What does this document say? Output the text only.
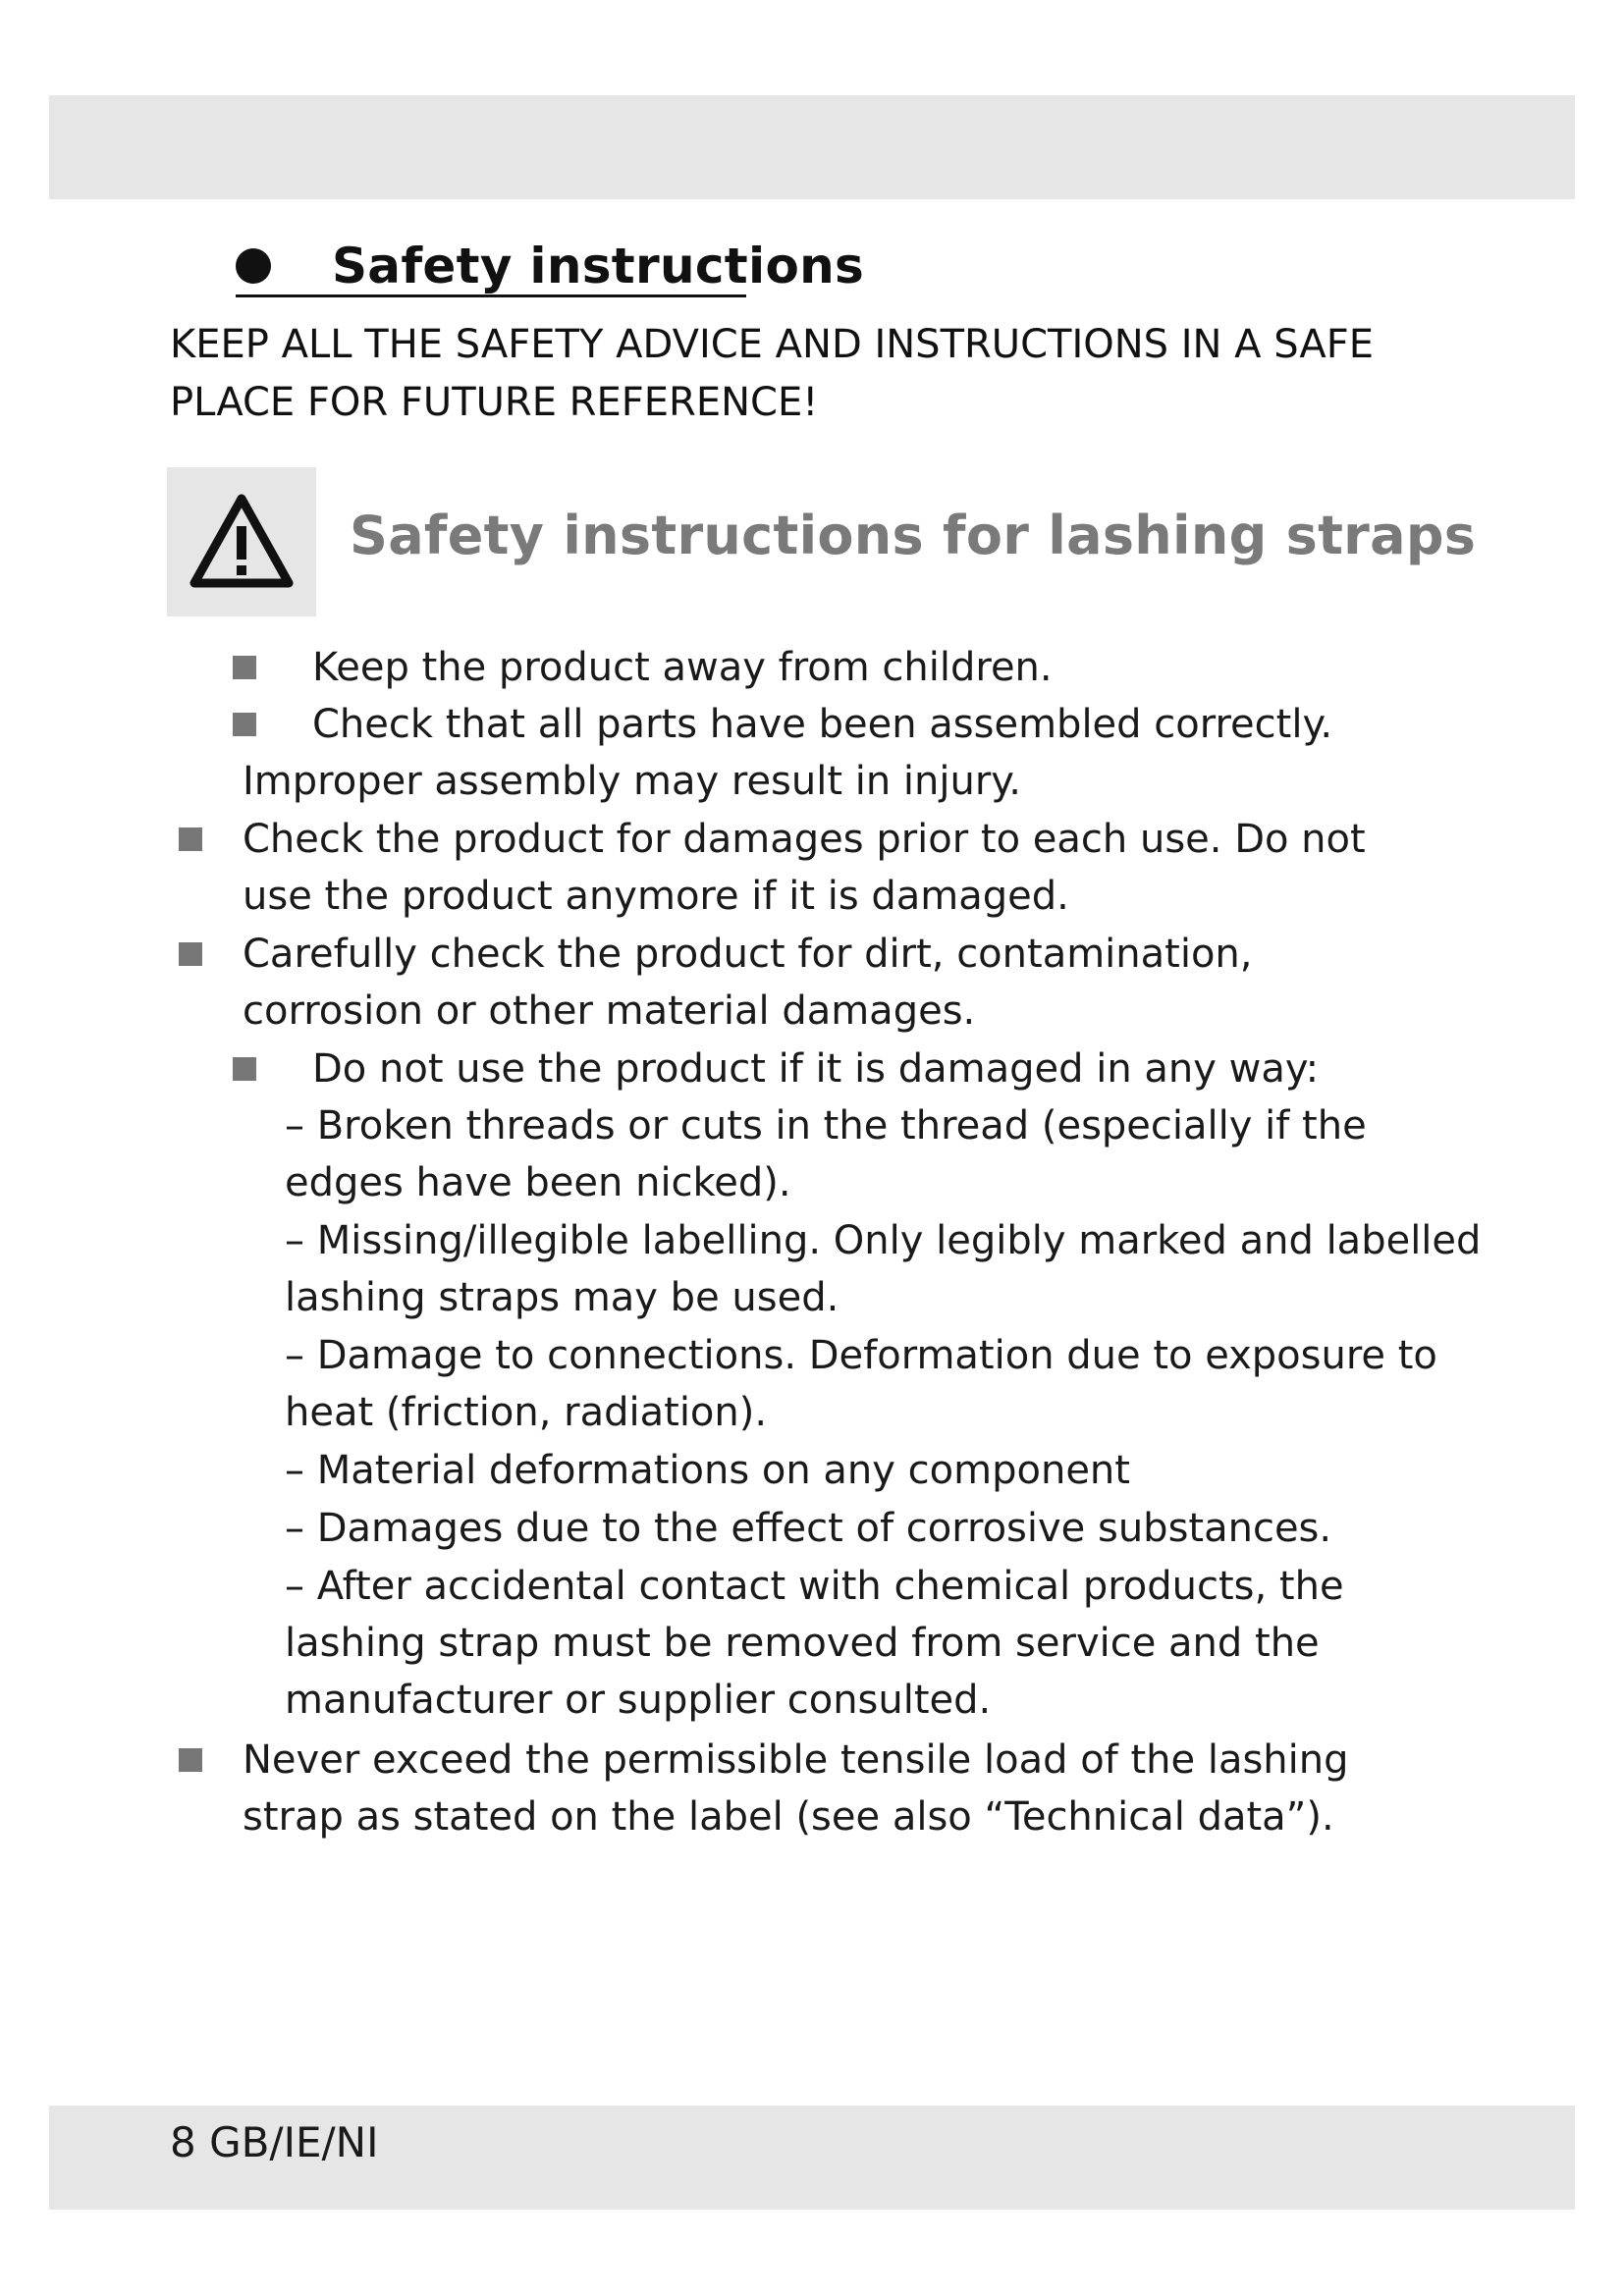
Safety instructions
KEEP ALL THE SAFETY ADVICE AND INSTRUCTIONS IN A SAFE PLACE FOR FUTURE REFERENCE!
Safety instructions for lashing straps
Keep the product away from children.
Check that all parts have been assembled correctly. Improper assembly may result in injury.
Check the product for damages prior to each use. Do not use the product anymore if it is damaged.
Carefully check the product for dirt, contamination, corrosion or other material damages.
Do not use the product if it is damaged in any way:
– Broken threads or cuts in the thread (especially if the edges have been nicked).
– Missing/illegible labelling. Only legibly marked and labelled lashing straps may be used.
– Damage to connections. Deformation due to exposure to heat (friction, radiation).
– Material deformations on any component
– Damages due to the effect of corrosive substances.
– After accidental contact with chemical products, the lashing strap must be removed from service and the manufacturer or supplier consulted.
Never exceed the permissible tensile load of the lashing strap as stated on the label (see also “Technical data”).
8 GB/IE/NI
